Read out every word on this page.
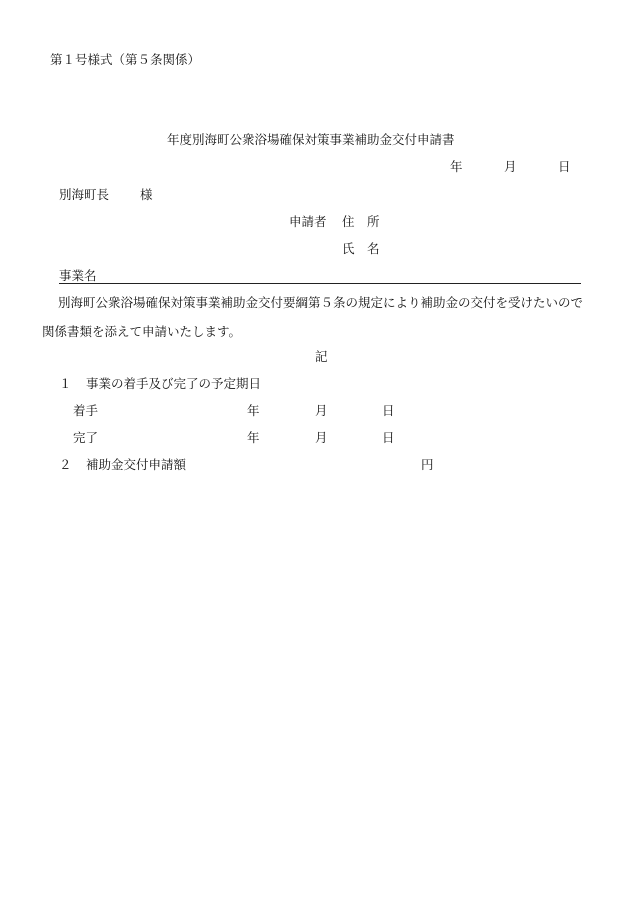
第１号様式（第５条関係）
年度別海町公衆浴場確保対策事業補助金交付申請書
年	月	日
別海町長 様
申請者 住　所
氏　名
事業名
別海町公衆浴場確保対策事業補助金交付要綱第５条の規定により補助金の交付を受けたいので関係書類を添えて申請いたします。
記
１ 事業の着手及び完了の予定期日
着手	年	月	日
完了	年	月	日
２ 補助金交付申請額	円
